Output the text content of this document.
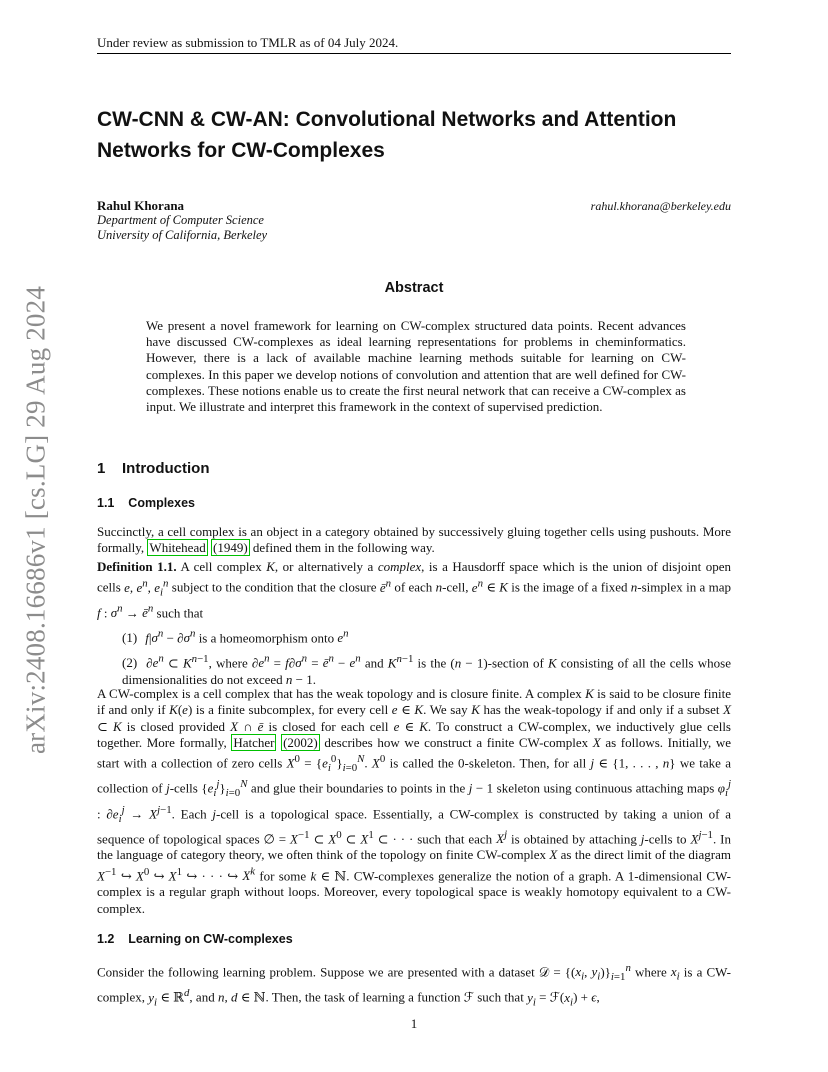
arXiv:2408.16686v1 [cs.LG] 29 Aug 2024
Under review as submission to TMLR as of 04 July 2024.
CW-CNN & CW-AN: Convolutional Networks and Attention Networks for CW-Complexes
Rahul Khorana	rahul.khorana@berkeley.edu
Department of Computer Science
University of California, Berkeley
Abstract
We present a novel framework for learning on CW-complex structured data points. Recent advances have discussed CW-complexes as ideal learning representations for problems in cheminformatics. However, there is a lack of available machine learning methods suitable for learning on CW-complexes. In this paper we develop notions of convolution and attention that are well defined for CW-complexes. These notions enable us to create the first neural network that can receive a CW-complex as input. We illustrate and interpret this framework in the context of supervised prediction.
1 Introduction
1.1 Complexes
Succinctly, a cell complex is an object in a category obtained by successively gluing together cells using pushouts. More formally, Whitehead (1949) defined them in the following way.
Definition 1.1. A cell complex K, or alternatively a complex, is a Hausdorff space which is the union of disjoint open cells e, $e^n$, $e_i^n$ subject to the condition that the closure $ē^n$ of each n-cell, $e^n$ ∈ K is the image of a fixed n-simplex in a map f : $\sigma^n$ → $ē^n$ such that
(1) $f|\sigma^n - \partial\sigma^n$ is a homeomorphism onto $e^n$
(2) $\partial e^n$ ⊂ $K^{n-1}$, where $\partial e^n = f\partial\sigma^n$ = $ē^n - e^n$ and $K^{n-1}$ is the (n − 1)-section of K consisting of all the cells whose dimensionalities do not exceed n − 1.
A CW-complex is a cell complex that has the weak topology and is closure finite. A complex K is said to be closure finite if and only if K(e) is a finite subcomplex, for every cell e ∈ K. We say K has the weak-topology if and only if a subset X ⊂ K is closed provided X ∩ ē is closed for each cell e ∈ K. To construct a CW-complex, we inductively glue cells together. More formally, Hatcher (2002) describes how we construct a finite CW-complex X as follows. Initially, we start with a collection of zero cells $X^0 = \{e_i^0\}_{i=0}^N$. $X^0$ is called the 0-skeleton. Then, for all j ∈ {1, . . . , n} we take a collection of j-cells $\{e_i^j\}_{i=0}^N$ and glue their boundaries to points in the j − 1 skeleton using continuous attaching maps $\varphi_i^j$ : $\partial e_i^j \to X^{j-1}$. Each j-cell is a topological space. Essentially, a CW-complex is constructed by taking a union of a sequence of topological spaces ∅ = $X^{-1}$ ⊂ $X^0$ ⊂ $X^1$ ⊂ · · · such that each $X^j$ is obtained by attaching j-cells to $X^{j-1}$. In the language of category theory, we often think of the topology on finite CW-complex X as the direct limit of the diagram $X^{-1}$ ↪ $X^0$ ↪ $X^1$ ↪ · · · ↪ $X^k$ for some k ∈ ℕ. CW-complexes generalize the notion of a graph. A 1-dimensional CW-complex is a regular graph without loops. Moreover, every topological space is weakly homotopy equivalent to a CW-complex.
1.2 Learning on CW-complexes
Consider the following learning problem. Suppose we are presented with a dataset 𝒟 = {($x_i$, $y_i)\}_{i=1}^n$ where $x_i$ is a CW-complex, $y_i$ ∈ ℝ$^d$, and n, d ∈ ℕ. Then, the task of learning a function ℱ such that $y_i$ = $ℱ(x_i) + \epsilon$,
1
